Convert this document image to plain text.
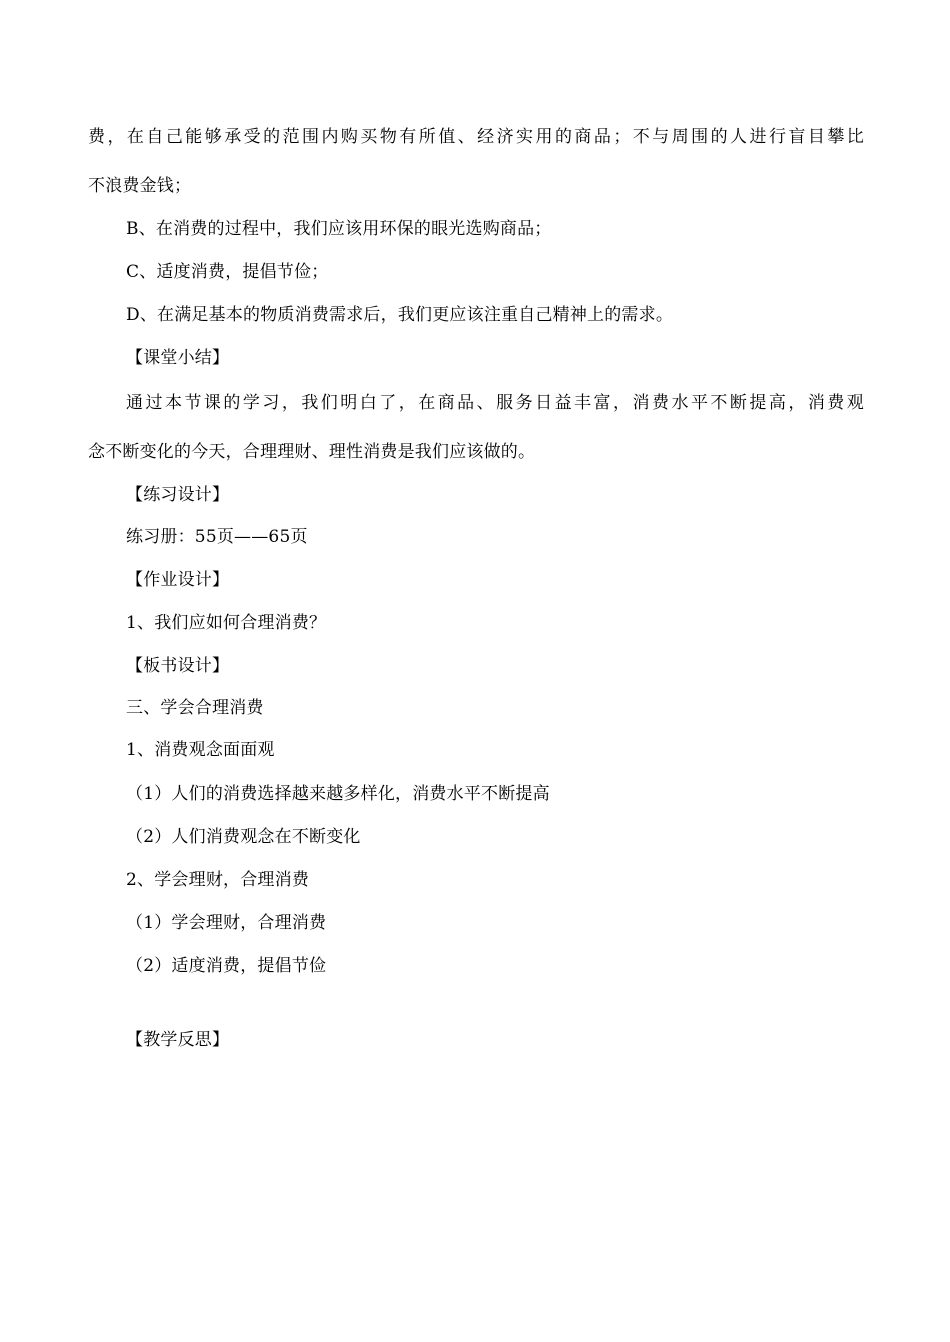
费，在自己能够承受的范围内购买物有所值、经济实用的商品；不与周围的人进行盲目攀比
不浪费金钱；
B、在消费的过程中，我们应该用环保的眼光选购商品；
C、适度消费，提倡节俭；
D、在满足基本的物质消费需求后，我们更应该注重自己精神上的需求。
【课堂小结】
通过本节课的学习，我们明白了，在商品、服务日益丰富，消费水平不断提高，消费观
念不断变化的今天，合理理财、理性消费是我们应该做的。
【练习设计】
练习册：55页——65页
【作业设计】
1、我们应如何合理消费？
【板书设计】
三、学会合理消费
1、消费观念面面观
（1）人们的消费选择越来越多样化，消费水平不断提高
（2）人们消费观念在不断变化
2、学会理财，合理消费
（1）学会理财，合理消费
（2）适度消费，提倡节俭
【教学反思】
